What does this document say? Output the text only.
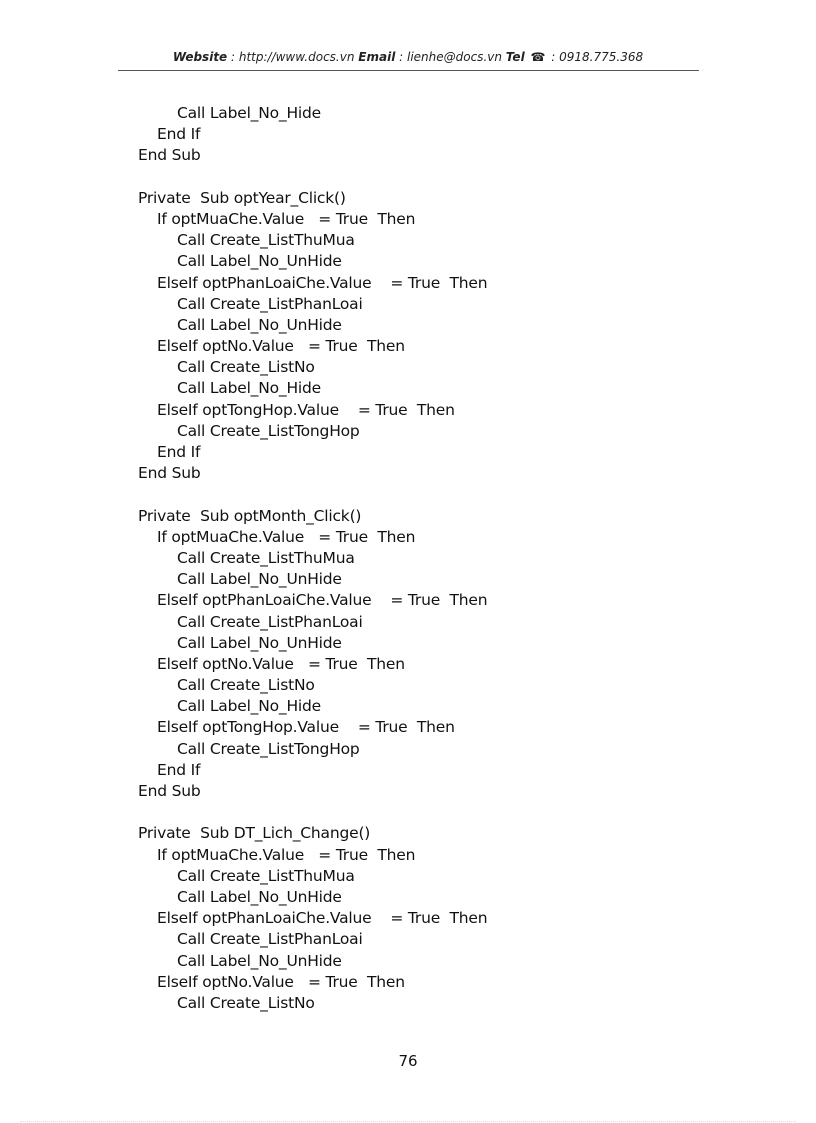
Website : http://www.docs.vn Email : lienhe@docs.vn Tel ☎ : 0918.775.368
Call Label_No_Hide
End If
End Sub
Private  Sub optYear_Click()
If optMuaChe.Value   = True  Then
Call Create_ListThuMua
Call Label_No_UnHide
ElseIf optPhanLoaiChe.Value    = True  Then
Call Create_ListPhanLoai
Call Label_No_UnHide
ElseIf optNo.Value   = True  Then
Call Create_ListNo
Call Label_No_Hide
ElseIf optTongHop.Value    = True  Then
Call Create_ListTongHop
End If
End Sub
Private  Sub optMonth_Click()
If optMuaChe.Value   = True  Then
Call Create_ListThuMua
Call Label_No_UnHide
ElseIf optPhanLoaiChe.Value    = True  Then
Call Create_ListPhanLoai
Call Label_No_UnHide
ElseIf optNo.Value   = True  Then
Call Create_ListNo
Call Label_No_Hide
ElseIf optTongHop.Value    = True  Then
Call Create_ListTongHop
End If
End Sub
Private  Sub DT_Lich_Change()
If optMuaChe.Value   = True  Then
Call Create_ListThuMua
Call Label_No_UnHide
ElseIf optPhanLoaiChe.Value    = True  Then
Call Create_ListPhanLoai
Call Label_No_UnHide
ElseIf optNo.Value   = True  Then
Call Create_ListNo
76
